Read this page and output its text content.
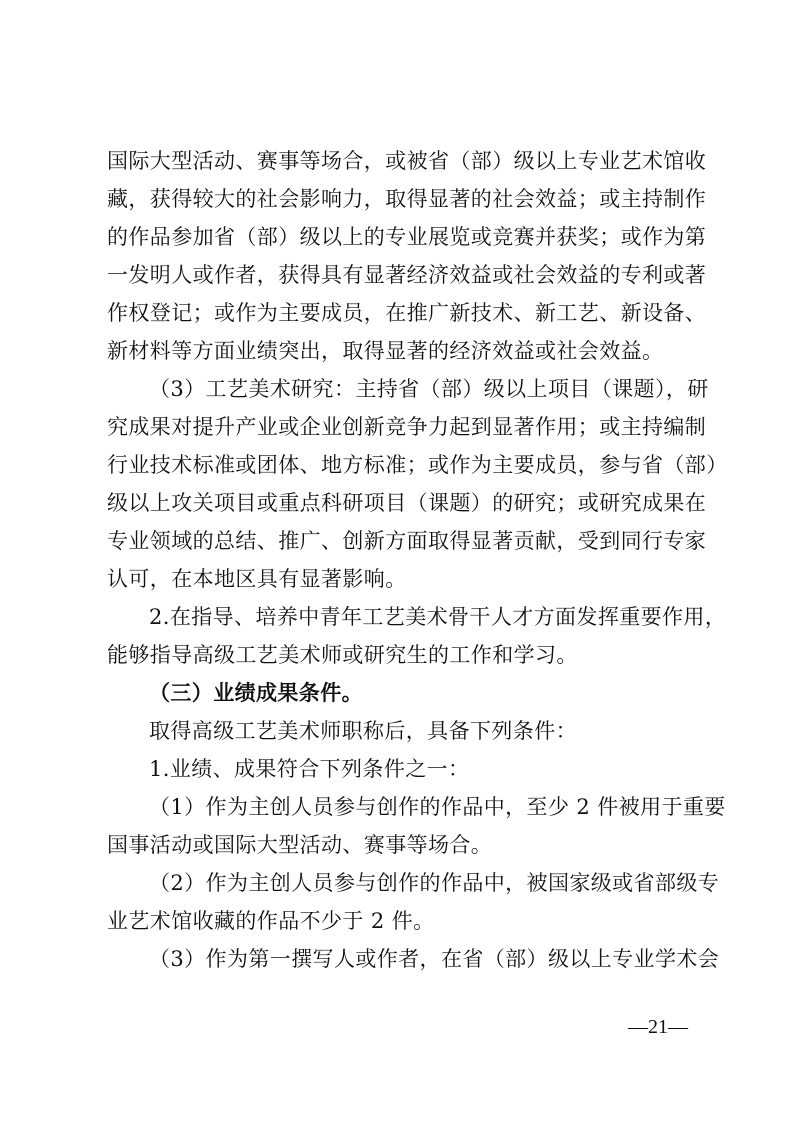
国际大型活动、赛事等场合，或被省（部）级以上专业艺术馆收
藏，获得较大的社会影响力，取得显著的社会效益；或主持制作
的作品参加省（部）级以上的专业展览或竞赛并获奖；或作为第
一发明人或作者，获得具有显著经济效益或社会效益的专利或著
作权登记；或作为主要成员，在推广新技术、新工艺、新设备、
新材料等方面业绩突出，取得显著的经济效益或社会效益。
（3）工艺美术研究：主持省（部）级以上项目（课题），研
究成果对提升产业或企业创新竞争力起到显著作用；或主持编制
行业技术标准或团体、地方标准；或作为主要成员，参与省（部）
级以上攻关项目或重点科研项目（课题）的研究；或研究成果在
专业领域的总结、推广、创新方面取得显著贡献，受到同行专家
认可，在本地区具有显著影响。
2.在指导、培养中青年工艺美术骨干人才方面发挥重要作用，
能够指导高级工艺美术师或研究生的工作和学习。
（三）业绩成果条件。
取得高级工艺美术师职称后，具备下列条件：
1.业绩、成果符合下列条件之一：
（1）作为主创人员参与创作的作品中，至少 2 件被用于重要
国事活动或国际大型活动、赛事等场合。
（2）作为主创人员参与创作的作品中，被国家级或省部级专
业艺术馆收藏的作品不少于 2 件。
（3）作为第一撰写人或作者，在省（部）级以上专业学术会
—21—
